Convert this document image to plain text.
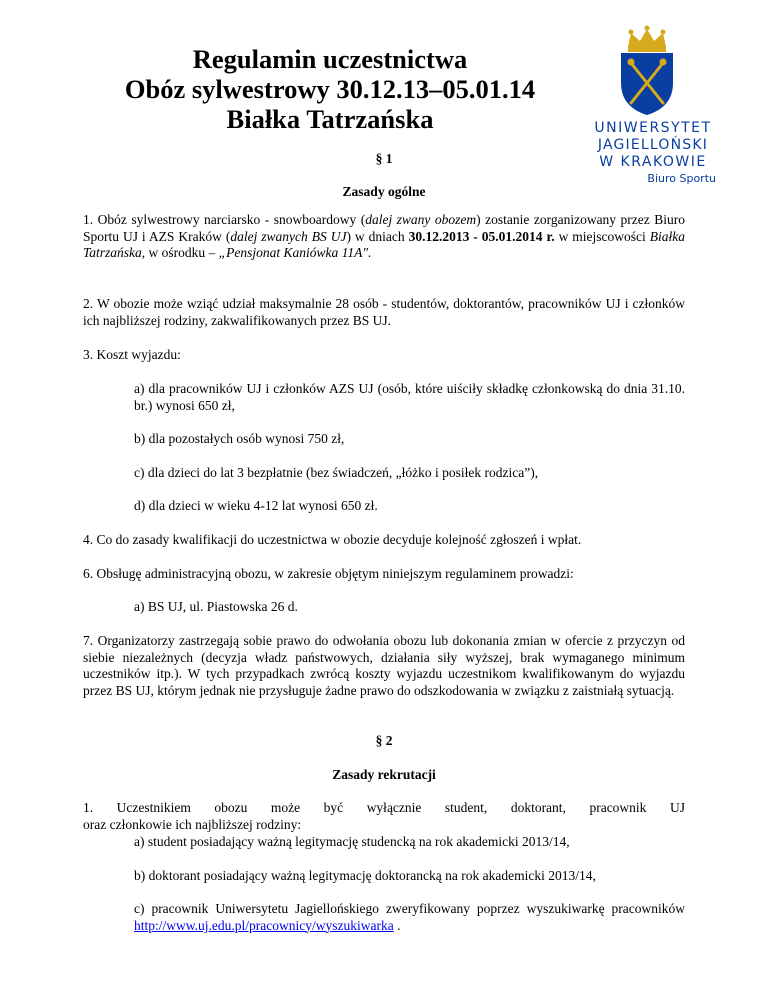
Regulamin uczestnictwa
Obóz sylwestrowy 30.12.13–05.01.14
Białka Tatrzańska	UNIWERSYTET
JAGIELLOŃSKI
W KRAKOWIE
Biuro Sportu
§ 1
Zasady ogólne
1. Obóz sylwestrowy narciarsko - snowboardowy (dalej zwany obozem) zostanie zorganizowany przez Biuro Sportu UJ i AZS Kraków (dalej zwanych BS UJ) w dniach 30.12.2013 - 05.01.2014 r. w miejscowości Białka Tatrzańska, w ośrodku – „Pensjonat Kaniówka 11A".
2. W obozie może wziąć udział maksymalnie 28 osób - studentów, doktorantów, pracowników UJ i członków ich najbliższej rodziny, zakwalifikowanych przez BS UJ.
3. Koszt wyjazdu:
a) dla pracowników UJ i członków AZS UJ (osób, które uiściły składkę członkowską do dnia 31.10. br.) wynosi 650 zł,
b) dla pozostałych osób wynosi 750 zł,
c) dla dzieci do lat 3 bezpłatnie (bez świadczeń, „łóżko i posiłek rodzica”),
d) dla dzieci w wieku 4-12 lat wynosi 650 zł.
4. Co do zasady kwalifikacji do uczestnictwa w obozie decyduje kolejność zgłoszeń i wpłat.
6. Obsługę administracyjną obozu, w zakresie objętym niniejszym regulaminem prowadzi:
a) BS UJ, ul. Piastowska 26 d.
7. Organizatorzy zastrzegają sobie prawo do odwołania obozu lub dokonania zmian w ofercie z przyczyn od siebie niezależnych (decyzja władz państwowych, działania siły wyższej, brak wymaganego minimum uczestników itp.). W tych przypadkach zwrócą koszty wyjazdu uczestnikom kwalifikowanym do wyjazdu przez BS UJ, którym jednak nie przysługuje żadne prawo do odszkodowania w związku z zaistniałą sytuacją.
§ 2
Zasady rekrutacji
1. Uczestnikiem obozu może być wyłącznie student, doktorant, pracownik UJ
oraz członkowie ich najbliższej rodziny:
a) student posiadający ważną legitymację studencką na rok akademicki 2013/14,
b) doktorant posiadający ważną legitymację doktorancką na rok akademicki 2013/14,
c) pracownik Uniwersytetu Jagiellońskiego zweryfikowany poprzez wyszukiwarkę pracowników http://www.uj.edu.pl/pracownicy/wyszukiwarka .
